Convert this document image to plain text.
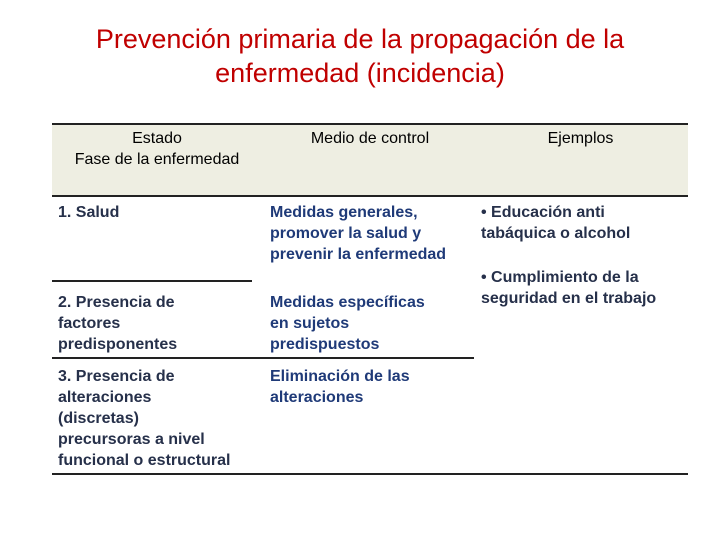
Prevención primaria de la propagación de la
enfermedad (incidencia)
Estado
Fase de la enfermedad
Medio de control	Ejemplos
1. Salud	Medidas generales,
promover la salud y
prevenir la enfermedad
2. Presencia de
factores
predisponentes
Medidas específicas
en sujetos
predispuestos
3. Presencia de
alteraciones
(discretas)
precursoras a nivel
funcional o estructural
Eliminación de las
alteraciones
• Educación anti
tabáquica o alcohol
• Cumplimiento de la
seguridad en el trabajo
